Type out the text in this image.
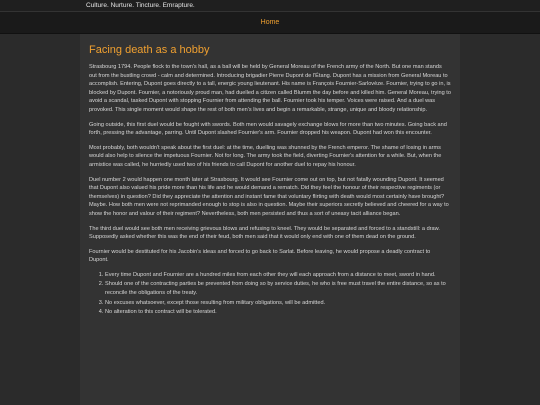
Culture. Nurture. Tincture. Emrapture.
Home
Facing death as a hobby

Strasbourg 1794. People flock to the town's hall, as a ball will be held by General Moreau of the French army of the North. But one man stands out from the bustling crowd - calm and determined. Introducing brigadier Pierre Dupont de l'Étang. Dupont has a mission from General Moreau to accomplish. Entering, Dupont goes directly to a tall, energic young lieutenant. His name is François Fournier-Sarlovèze. Fournier, trying to go in, is blocked by Dupont. Fournier, a notoriously proud man, had duelled a citizen called Blumm the day before and killed him. General Moreau, trying to avoid a scandal, tasked Dupont with stopping Fournier from attending the ball. Fournier took his temper. Voices were raised. And a duel was provoked. This single moment would shape the rest of both men's lives and begin a remarkable, strange, unique and bloody relationship.

Going outside, this first duel would be fought with swords. Both men would savagely exchange blows for more than two minutes. Going back and forth, pressing the advantage, parring. Until Dupont slashed Fournier's arm. Fournier dropped his weapon. Dupont had won this encounter.

Most probably, both wouldn't speak about the first duel: at the time, duelling was shunned by the French emperor. The shame of losing in arms would also help to silence the impetuous Fournier. Not for long. The army took the field, diverting Fournier's attention for a while. But, when the armistice was called, he hurriedly used two of his friends to call Dupont for another duel to repay his honour.

Duel number 2 would happen one month later at Strasbourg. It would see Fournier come out on top, but not fatally wounding Dupont. It seemed that Dupont also valued his pride more than his life and he would demand a rematch. Did they feel the honour of their respective regiments (or themselves) in question? Did they appreciate the attention and instant fame that voluntary flirting with death would most certainly have brought? Maybe. How both men were not reprimanded enough to stop is also in question. Maybe their superiors secretly believed and cheered for a way to show the honor and valour of their regiment? Nevertheless, both men persisted and thus a sort of uneasy tacit alliance began.

The third duel would see both men receiving grievous blows and refusing to kneel. They would be separated and forced to a standstill: a draw. Supposedly asked whether this was the end of their feud, both men said that it would only end with one of them dead on the ground.

Fournier would be destituted for his Jacobin's ideas and forced to go back to Sarlat. Before leaving, he would propose a deadly contract to Dupont.

1. Every time Dupont and Fournier are a hundred miles from each other they will each approach from a distance to meet, sword in hand.
2. Should one of the contracting parties be prevented from doing so by service duties, he who is free must travel the entire distance, so as to reconcile the obligations of the treaty.
3. No excuses whatsoever, except those resulting from military obligations, will be admitted.
4. No alteration to this contract will be tolerated.
